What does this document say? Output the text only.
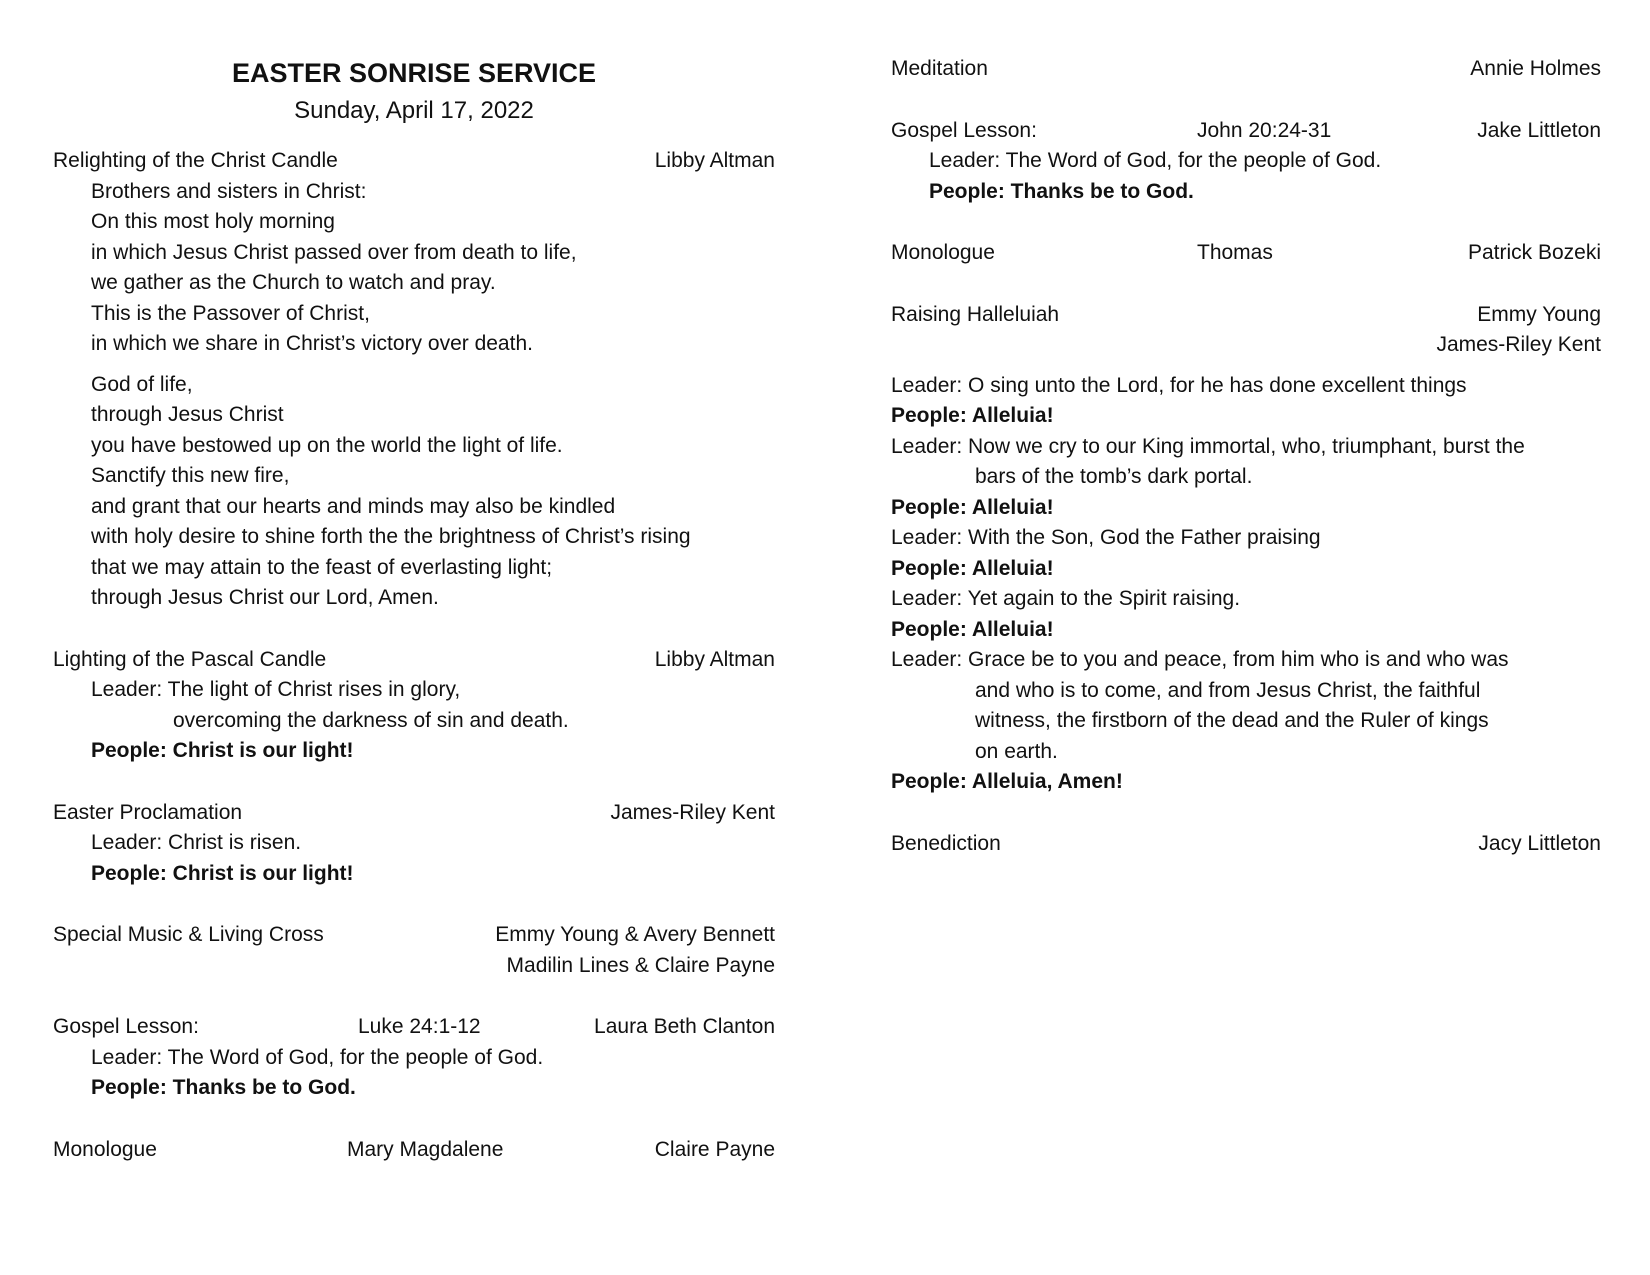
EASTER SONRISE SERVICE
Sunday, April 17, 2022
Relighting of the Christ Candle	Libby Altman
Brothers and sisters in Christ:
On this most holy morning
in which Jesus Christ passed over from death to life,
we gather as the Church to watch and pray.
This is the Passover of Christ,
in which we share in Christ’s victory over death.
God of life,
through Jesus Christ
you have bestowed up on the world the light of life.
Sanctify this new fire,
and grant that our hearts and minds may also be kindled
with holy desire to shine forth the the brightness of Christ’s rising
that we may attain to the feast of everlasting light;
through Jesus Christ our Lord, Amen.
Lighting of the Pascal Candle	Libby Altman
Leader: The light of Christ rises in glory,
overcoming the darkness of sin and death.
People: Christ is our light!
Easter Proclamation	James-Riley Kent
Leader: Christ is risen.
People: Christ is our light!
Special Music & Living Cross	Emmy Young & Avery Bennett
Madilin Lines & Claire Payne
Gospel Lesson:	Luke 24:1-12	Laura Beth Clanton
Leader: The Word of God, for the people of God.
People: Thanks be to God.
Monologue	Mary Magdalene	Claire Payne
Meditation	Annie Holmes
Gospel Lesson:	John 20:24-31	Jake Littleton
Leader: The Word of God, for the people of God.
People: Thanks be to God.
Monologue	Thomas	Patrick Bozeki
Raising Halleluiah	Emmy Young
James-Riley Kent
Leader: O sing unto the Lord, for he has done excellent things
People: Alleluia!
Leader: Now we cry to our King immortal, who, triumphant, burst the
bars of the tomb’s dark portal.
People: Alleluia!
Leader: With the Son, God the Father praising
People: Alleluia!
Leader: Yet again to the Spirit raising.
People: Alleluia!
Leader: Grace be to you and peace, from him who is and who was
and who is to come, and from Jesus Christ, the faithful
witness, the firstborn of the dead and the Ruler of kings
on earth.
People: Alleluia, Amen!
Benediction	Jacy Littleton
